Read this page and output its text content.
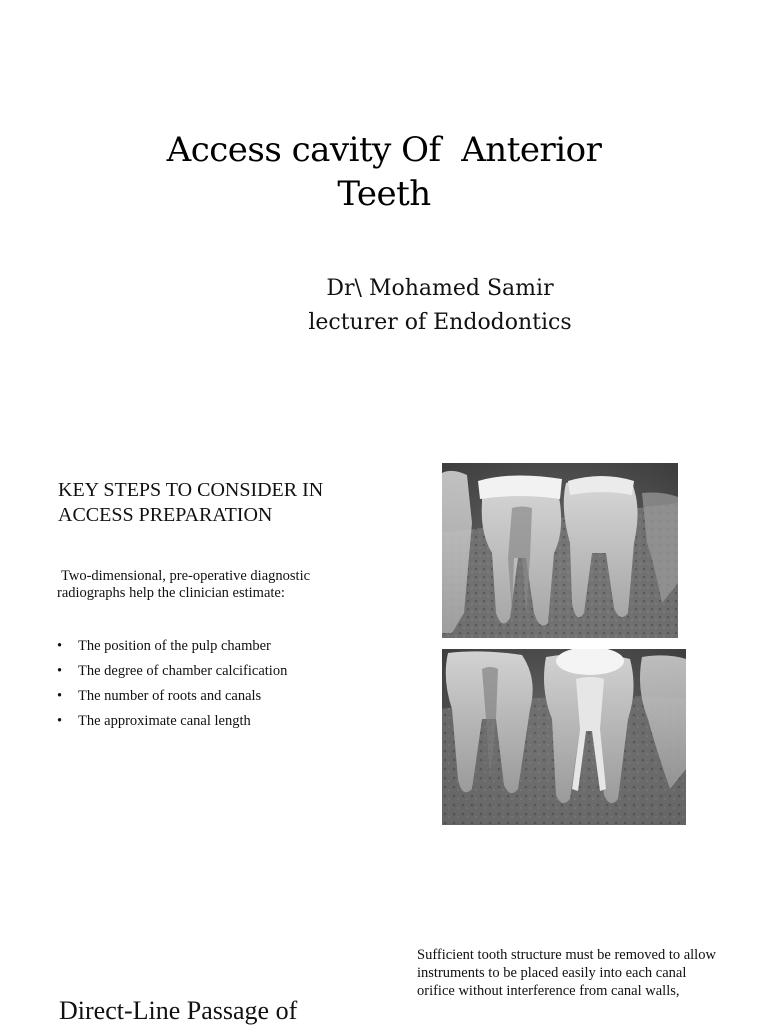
Access cavity Of  Anterior
Teeth
Dr\ Mohamed Samir
lecturer of Endodontics
KEY STEPS TO CONSIDER IN
ACCESS PREPARATION

Two-dimensional, pre-operative diagnostic radiographs help the clinician estimate:

•	The position of the pulp chamber
•	The degree of chamber calcification
•	The number of roots and canals
•	The approximate canal length
Direct-Line Passage of

Sufficient tooth structure must be removed to allow instruments to be placed easily into each canal orifice without interference from canal walls,
